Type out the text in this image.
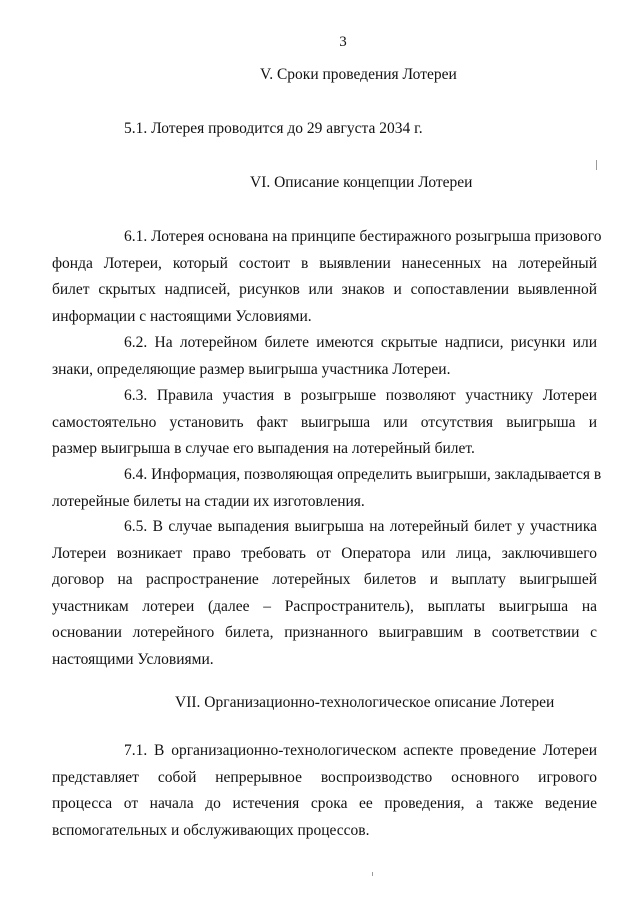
3
V. Сроки проведения Лотереи
5.1. Лотерея проводится до 29 августа 2034 г.
VI. Описание концепции Лотереи
6.1. Лотерея основана на принципе бестиражного розыгрыша призового
фонда Лотереи, который состоит в выявлении нанесенных на лотерейный
билет скрытых надписей, рисунков или знаков и сопоставлении выявленной
информации с настоящими Условиями.
6.2. На лотерейном билете имеются скрытые надписи, рисунки или
знаки, определяющие размер выигрыша участника Лотереи.
6.3. Правила участия в розыгрыше позволяют участнику Лотереи
самостоятельно установить факт выигрыша или отсутствия выигрыша и
размер выигрыша в случае его выпадения на лотерейный билет.
6.4. Информация, позволяющая определить выигрыши, закладывается в
лотерейные билеты на стадии их изготовления.
6.5. В случае выпадения выигрыша на лотерейный билет у участника
Лотереи возникает право требовать от Оператора или лица, заключившего
договор на распространение лотерейных билетов и выплату выигрышей
участникам лотереи (далее – Распространитель), выплаты выигрыша на
основании лотерейного билета, признанного выигравшим в соответствии с
настоящими Условиями.
VII. Организационно-технологическое описание Лотереи
7.1. В организационно-технологическом аспекте проведение Лотереи
представляет собой непрерывное воспроизводство основного игрового
процесса от начала до истечения срока ее проведения, а также ведение
вспомогательных и обслуживающих процессов.
